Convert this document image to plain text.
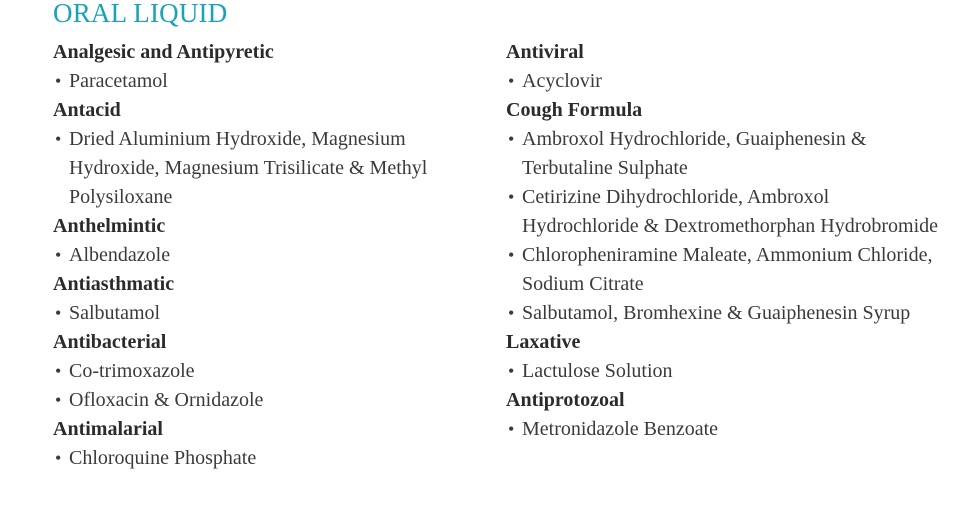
ORAL LIQUID
Analgesic and Antipyretic
• Paracetamol
Antacid
• Dried Aluminium Hydroxide, Magnesium Hydroxide, Magnesium Trisilicate & Methyl Polysiloxane
Anthelmintic
• Albendazole
Antiasthmatic
• Salbutamol
Antibacterial
• Co-trimoxazole
• Ofloxacin & Ornidazole
Antimalarial
• Chloroquine Phosphate
Antiviral
• Acyclovir
Cough Formula
• Ambroxol Hydrochloride, Guaiphenesin & Terbutaline Sulphate
• Cetirizine Dihydrochloride, Ambroxol Hydrochloride & Dextromethorphan Hydrobromide
• Chloropheniramine Maleate, Ammonium Chloride, Sodium Citrate
• Salbutamol, Bromhexine & Guaiphenesin Syrup
Laxative
• Lactulose Solution
Antiprotozoal
• Metronidazole Benzoate
